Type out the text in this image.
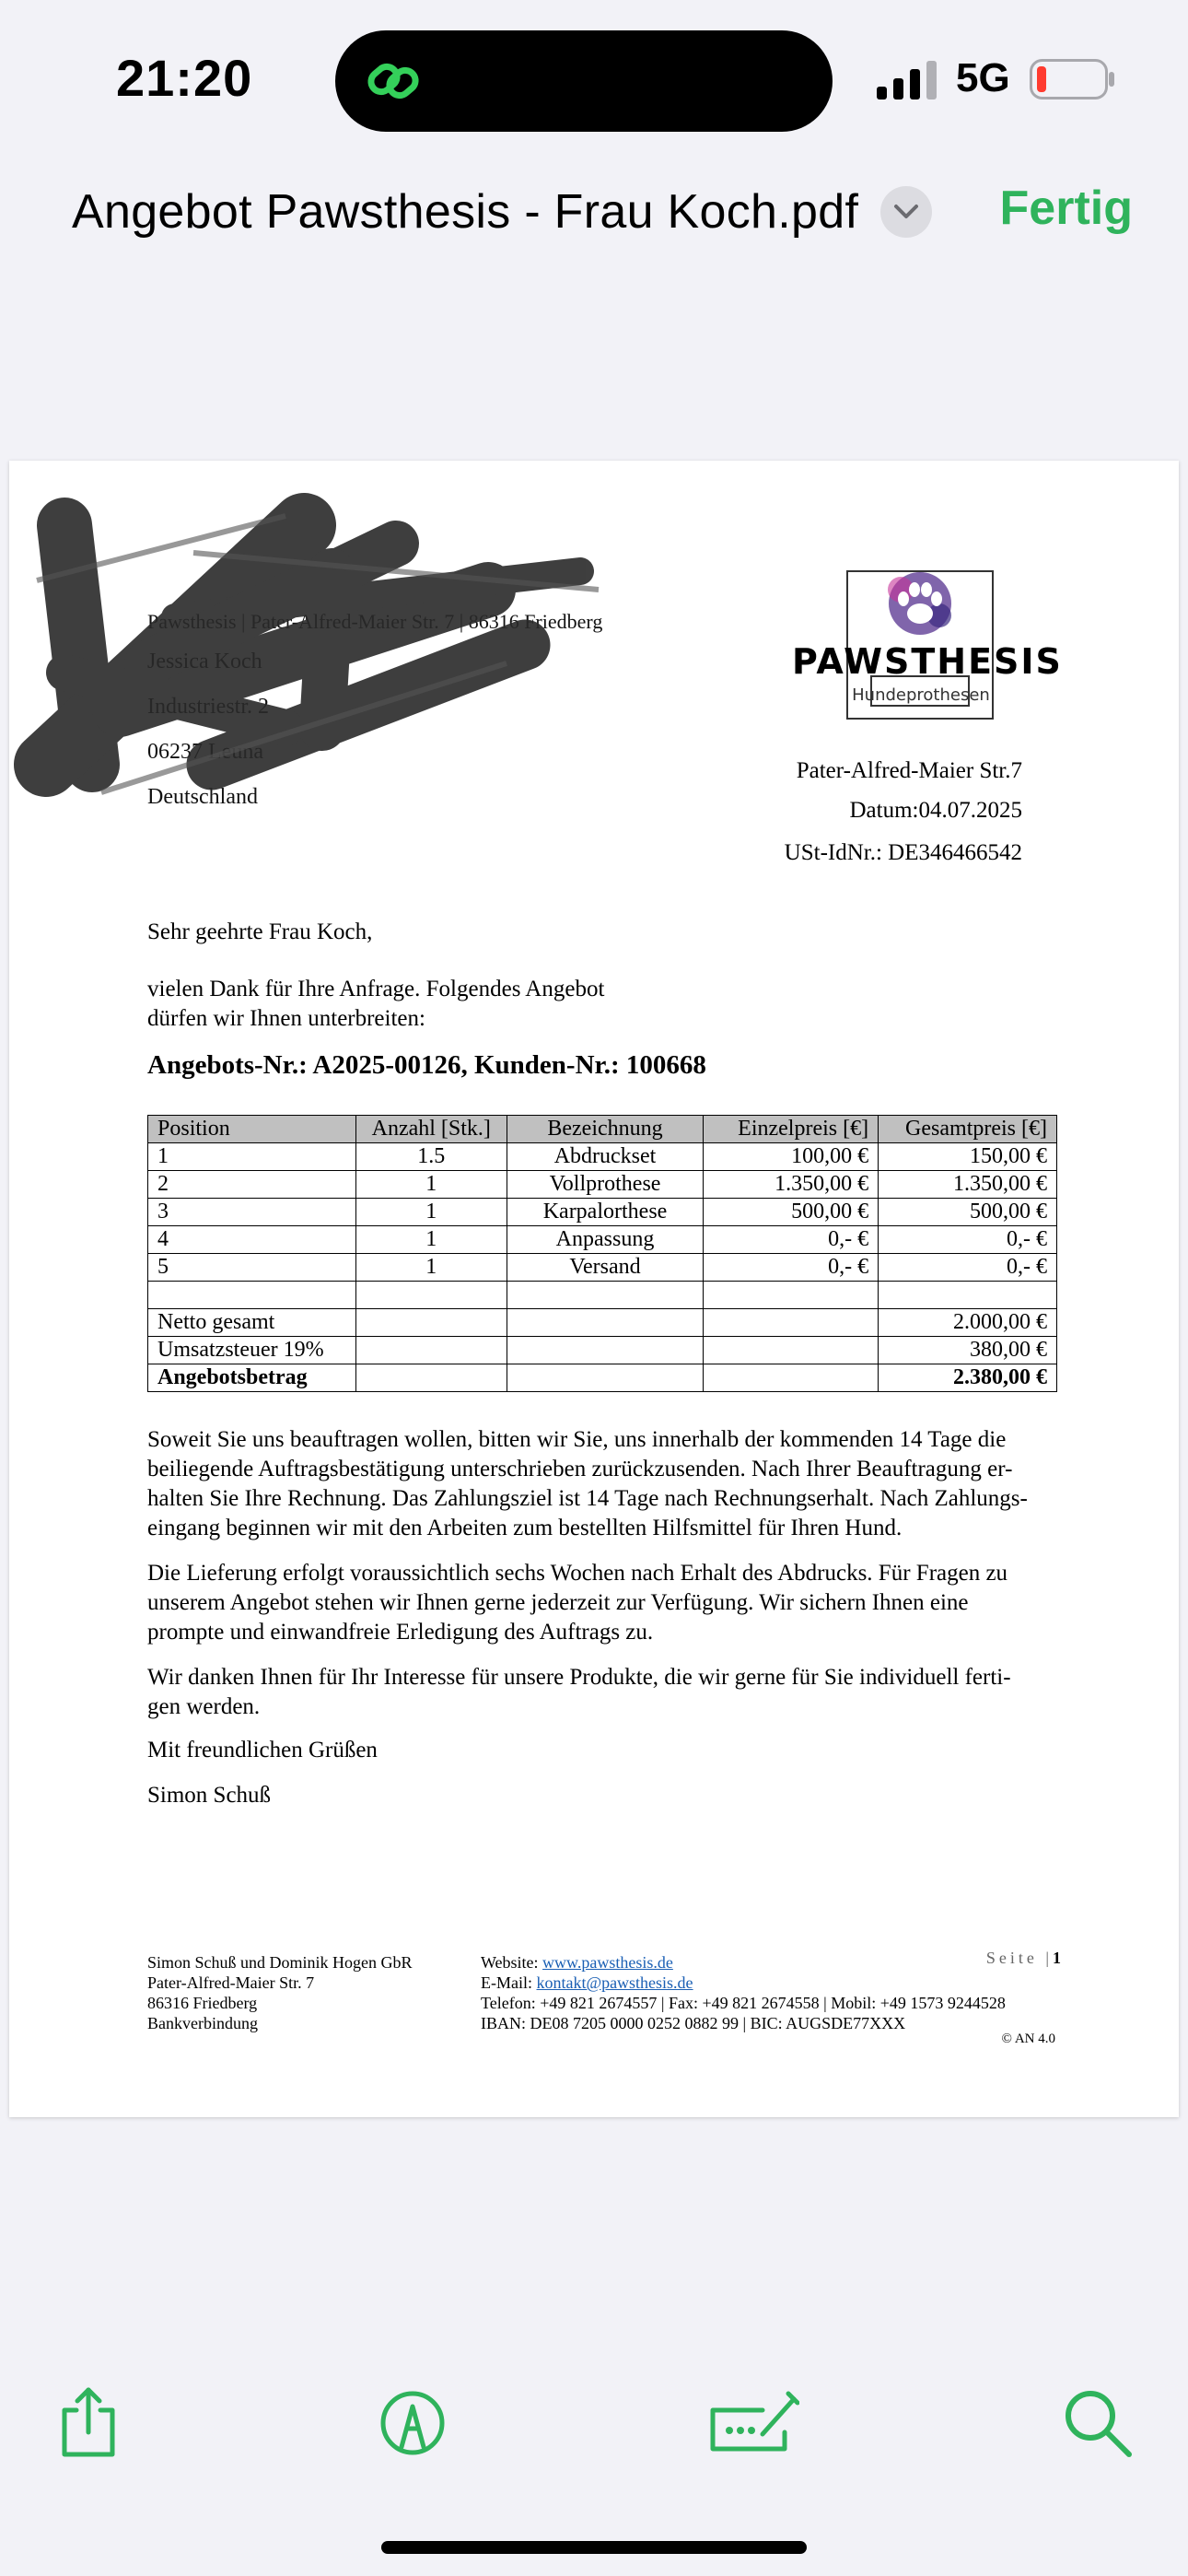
21:20	5G
Angebot Pawsthesis - Frau Koch.pdf	Fertig
Pawsthesis | Pater-Alfred-Maier Str. 7 | 86316 Friedberg
Jessica Koch
Industriestr. 2
06237 Leuna
Deutschland
PAWSTHESIS
Hundeprothesen
Pater-Alfred-Maier Str.7
Datum:04.07.2025
USt-IdNr.: DE346466542
Sehr geehrte Frau Koch,
vielen Dank für Ihre Anfrage. Folgendes Angebot
dürfen wir Ihnen unterbreiten:
Angebots-Nr.: A2025-00126, Kunden-Nr.: 100668
Position	Anzahl [Stk.]	Bezeichnung	Einzelpreis [€]	Gesamtpreis [€]
1	1.5	Abdruckset	100,00 €	150,00 €
2	1	Vollprothese	1.350,00 €	1.350,00 €
3	1	Karpalorthese	500,00 €	500,00 €
4	1	Anpassung	0,- €	0,- €
5	1	Versand	0,- €	0,- €

Netto gesamt				2.000,00 €
Umsatzsteuer 19%				380,00 €
Angebotsbetrag				2.380,00 €
Soweit Sie uns beauftragen wollen, bitten wir Sie, uns innerhalb der kommenden 14 Tage die
beiliegende Auftragsbestätigung unterschrieben zurückzusenden. Nach Ihrer Beauftragung er-
halten Sie Ihre Rechnung. Das Zahlungsziel ist 14 Tage nach Rechnungserhalt. Nach Zahlungs-
eingang beginnen wir mit den Arbeiten zum bestellten Hilfsmittel für Ihren Hund.
Die Lieferung erfolgt voraussichtlich sechs Wochen nach Erhalt des Abdrucks. Für Fragen zu
unserem Angebot stehen wir Ihnen gerne jederzeit zur Verfügung. Wir sichern Ihnen eine
prompte und einwandfreie Erledigung des Auftrags zu.
Wir danken Ihnen für Ihr Interesse für unsere Produkte, die wir gerne für Sie individuell ferti-
gen werden.
Mit freundlichen Grüßen
Simon Schuß
Simon Schuß und Dominik Hogen GbR
Pater-Alfred-Maier Str. 7
86316 Friedberg
Bankverbindung
Website: www.pawsthesis.de
E-Mail: kontakt@pawsthesis.de
Telefon: +49 821 2674557 | Fax: +49 821 2674558 | Mobil: +49 1573 9244528
IBAN: DE08 7205 0000 0252 0882 99 | BIC: AUGSDE77XXX
Seite |1
© AN 4.0
